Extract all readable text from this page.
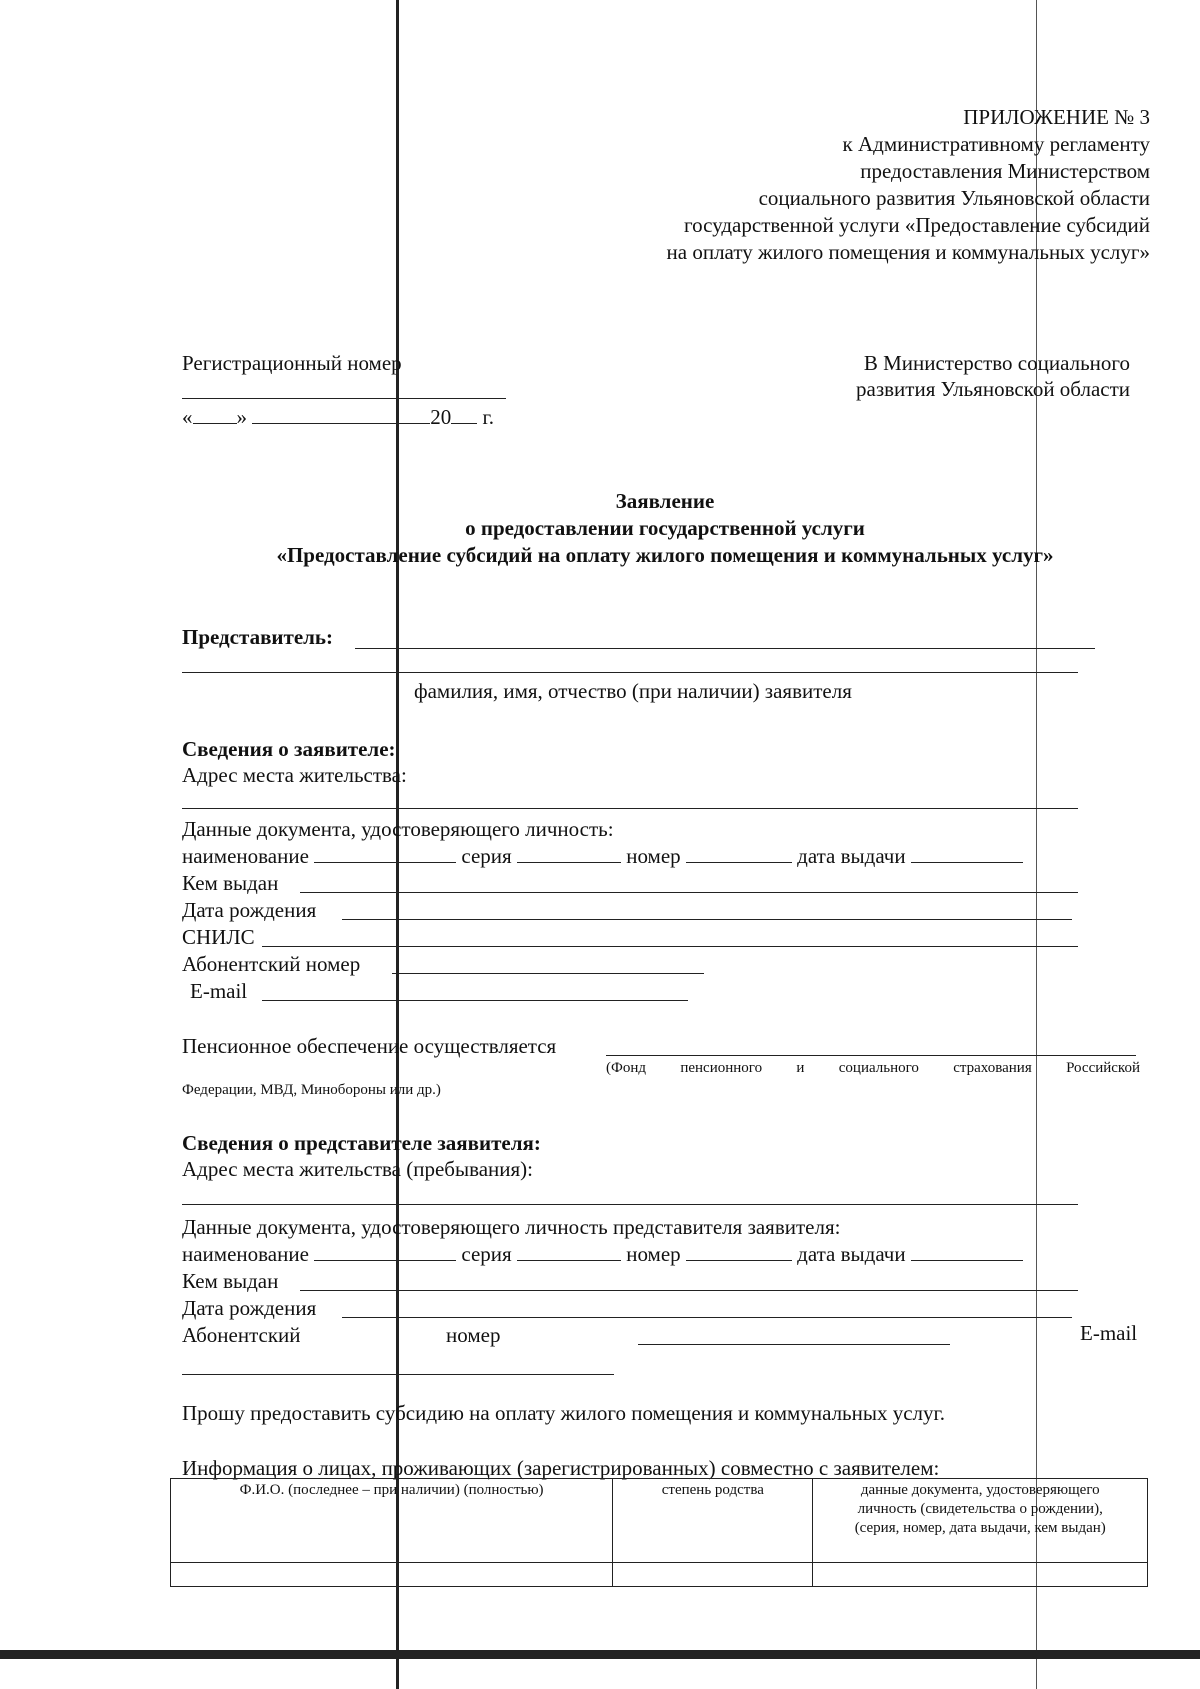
ПРИЛОЖЕНИЕ № 3
к Административному регламенту
предоставления Министерством
социального развития Ульяновской области
государственной услуги «Предоставление субсидий
на оплату жилого помещения и коммунальных услуг»
Регистрационный номер
« »	20 г.
В Министерство социального
развития Ульяновской области
Заявление
о предоставлении государственной услуги
«Предоставление субсидий на оплату жилого помещения и коммунальных услуг»
Представитель:
фамилия, имя, отчество (при наличии) заявителя
Сведения о заявителе:
Адрес места жительства:
Данные документа, удостоверяющего личность:
наименование	серия	номер	дата выдачи
Кем выдан
Дата рождения
СНИЛС
Абонентский номер
E-mail
Пенсионное обеспечение осуществляется
(Фонд пенсионного и социального страхования Российской
Федерации, МВД, Минобороны или др.)
Сведения о представителе заявителя:
Адрес места жительства (пребывания):
Данные документа, удостоверяющего личность представителя заявителя:
наименование	серия	номер	дата выдачи
Кем выдан
Дата рождения
Абонентский	номер	E-mail
Прошу предоставить субсидию на оплату жилого помещения и коммунальных услуг.
Информация о лицах, проживающих (зарегистрированных) совместно с заявителем:
Ф.И.О. (последнее – при наличии) (полностью)	степень родства	данные документа, удостоверяющего личность (свидетельства о рождении), (серия, номер, дата выдачи, кем выдан)
